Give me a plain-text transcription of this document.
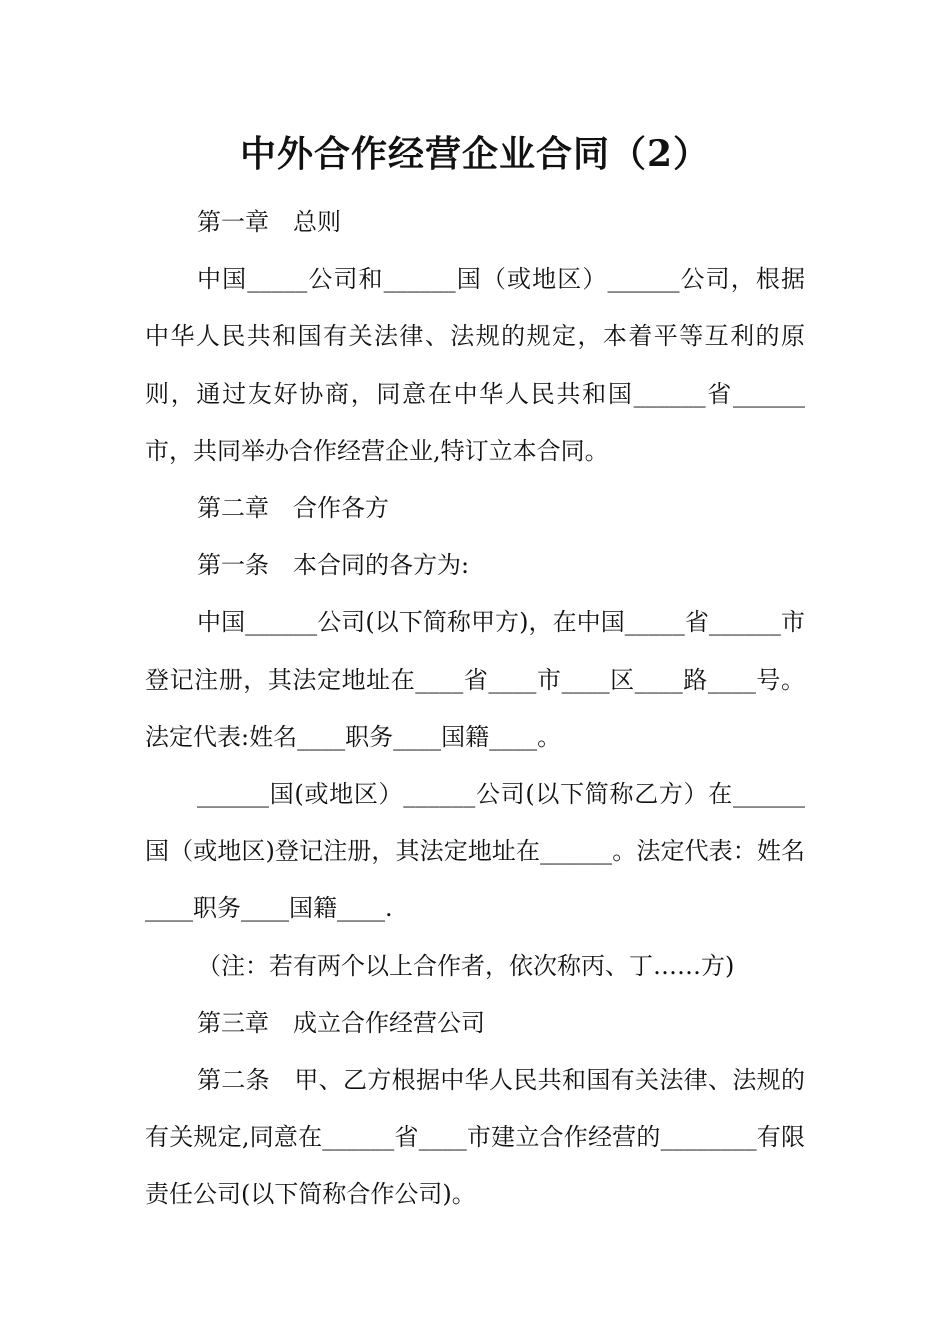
中外合作经营企业合同（2）

第一章　总则

中国_____公司和______国（或地区）______公司，根据中华人民共和国有关法律、法规的规定，本着平等互利的原则，通过友好协商，同意在中华人民共和国______省______市，共同举办合作经营企业,特订立本合同。

第二章　合作各方

第一条　本合同的各方为:

中国______公司(以下简称甲方)，在中国_____省______市登记注册，其法定地址在____省____市____区____路____号。法定代表:姓名____职务____国籍____。

______国(或地区）______公司(以下简称乙方）在______国（或地区)登记注册，其法定地址在______。法定代表：姓名____职务____国籍____.

（注：若有两个以上合作者，依次称丙、丁……方)

第三章　成立合作经营公司

第二条　甲、乙方根据中华人民共和国有关法律、法规的有关规定,同意在______省____市建立合作经营的________有限责任公司(以下简称合作公司)。
